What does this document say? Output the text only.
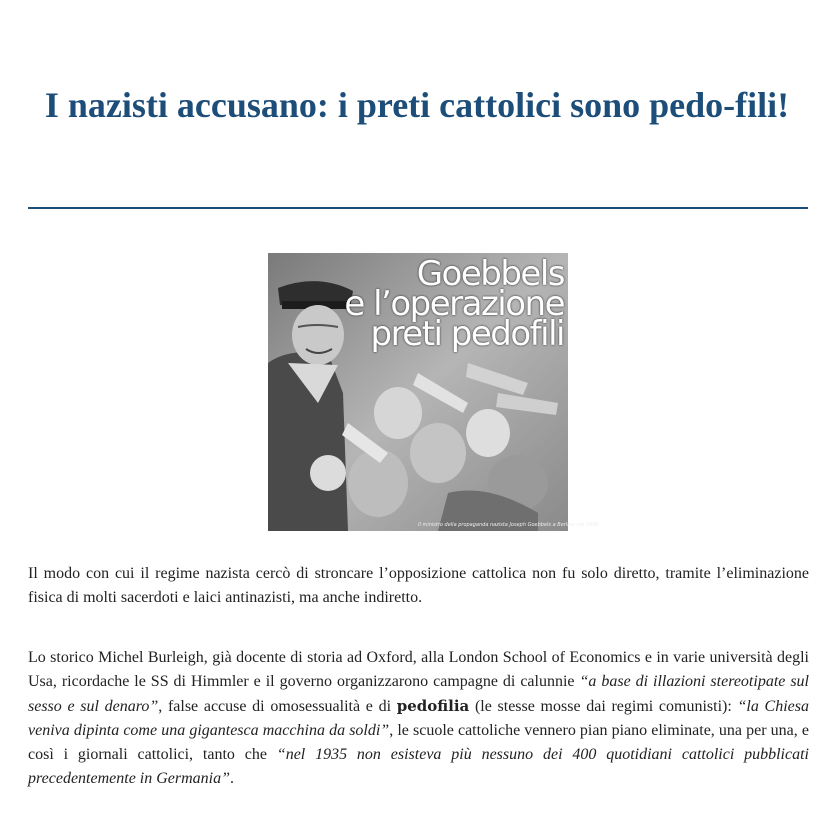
I nazisti accusano: i preti cattolici sono pedo-fili!
Goebbels
e l’operazione
preti pedofili
Il ministro della propaganda nazista Joseph Goebbels a Berlino nel 1936

Il modo con cui il regime nazista cercò di stroncare l’opposizione cattolica non fu solo diretto, tramite l’eliminazione fisica di molti sacerdoti e laici antinazisti, ma anche indiretto.

Lo storico Michel Burleigh, già docente di storia ad Oxford, alla London School of Economics e in varie università degli Usa, ricordache le SS di Himmler e il governo organizzarono campagne di calunnie “a base di illazioni stereotipate sul sesso e sul denaro”, false accuse di omosessualità e di pedofilia (le stesse mosse dai regimi comunisti): “la Chiesa veniva dipinta come una gigantesca macchina da soldi”, le scuole cattoliche vennero pian piano eliminate, una per una, e così i giornali cattolici, tanto che “nel 1935 non esisteva più nessuno dei 400 quotidiani cattolici pubblicati precedentemente in Germania”.
